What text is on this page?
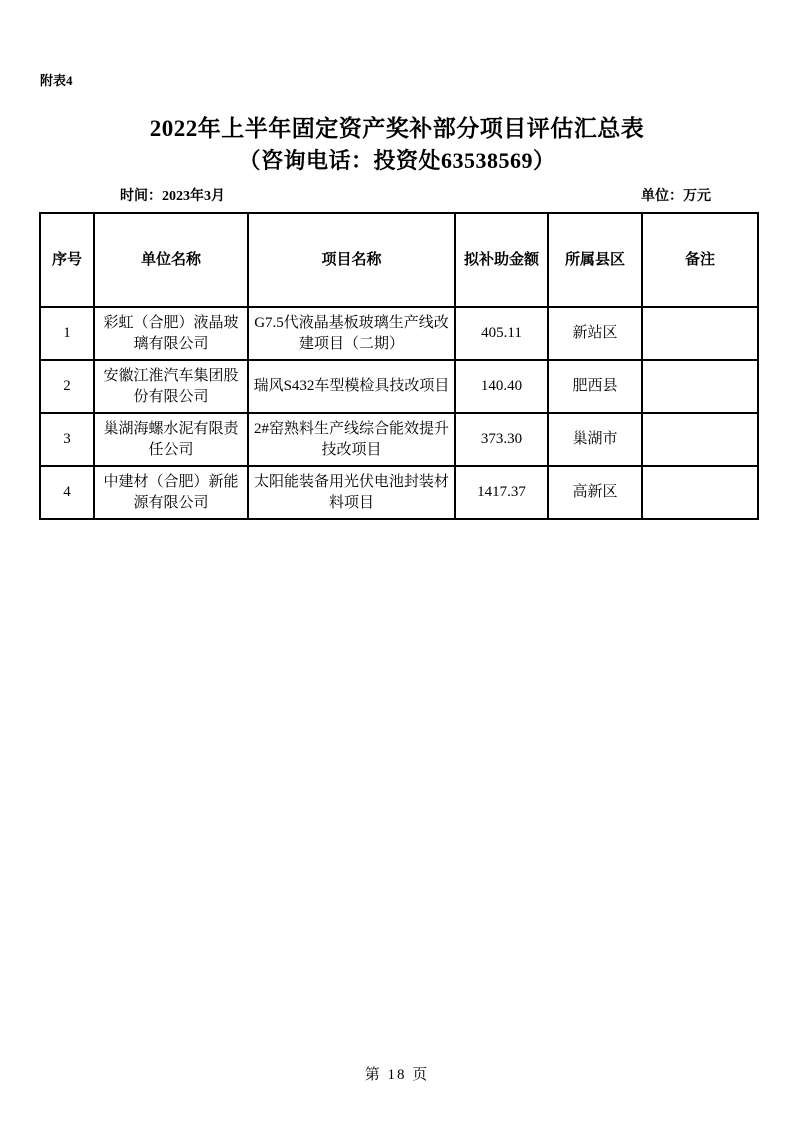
附表4
2022年上半年固定资产奖补部分项目评估汇总表
（咨询电话：投资处63538569）
时间：2023年3月	单位：万元
序号	单位名称	项目名称	拟补助金额	所属县区	备注
1	彩虹（合肥）液晶玻璃有限公司	G7.5代液晶基板玻璃生产线改建项目（二期）	405.11	新站区	
2	安徽江淮汽车集团股份有限公司	瑞风S432车型模检具技改项目	140.40	肥西县	
3	巢湖海螺水泥有限责任公司	2#窑熟料生产线综合能效提升技改项目	373.30	巢湖市	
4	中建材（合肥）新能源有限公司	太阳能装备用光伏电池封装材料项目	1417.37	高新区	
第 18 页
